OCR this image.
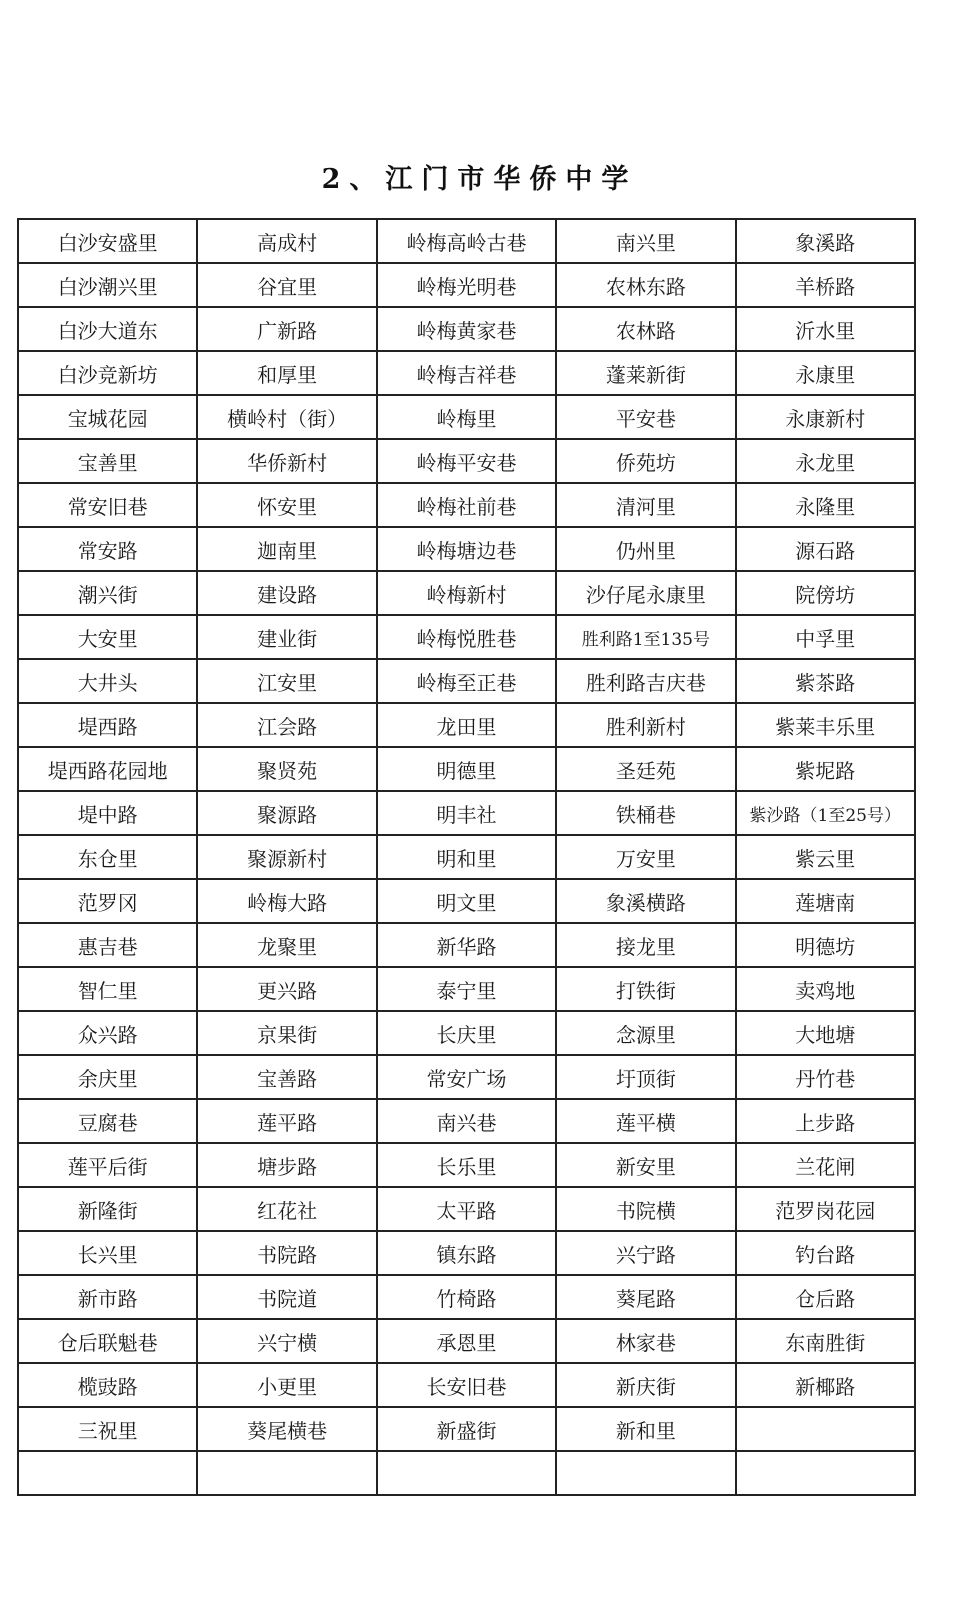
2、江门市华侨中学
白沙安盛里	高成村	岭梅高岭古巷	南兴里	象溪路
白沙潮兴里	谷宜里	岭梅光明巷	农林东路	羊桥路
白沙大道东	广新路	岭梅黄家巷	农林路	沂水里
白沙竞新坊	和厚里	岭梅吉祥巷	蓬莱新街	永康里
宝城花园	横岭村（街）	岭梅里	平安巷	永康新村
宝善里	华侨新村	岭梅平安巷	侨苑坊	永龙里
常安旧巷	怀安里	岭梅社前巷	清河里	永隆里
常安路	迦南里	岭梅塘边巷	仍州里	源石路
潮兴街	建设路	岭梅新村	沙仔尾永康里	院傍坊
大安里	建业街	岭梅悦胜巷	胜利路1至135号	中孚里
大井头	江安里	岭梅至正巷	胜利路吉庆巷	紫茶路
堤西路	江会路	龙田里	胜利新村	紫莱丰乐里
堤西路花园地	聚贤苑	明德里	圣廷苑	紫坭路
堤中路	聚源路	明丰社	铁桶巷	紫沙路（1至25号）
东仓里	聚源新村	明和里	万安里	紫云里
范罗冈	岭梅大路	明文里	象溪横路	莲塘南
惠吉巷	龙聚里	新华路	接龙里	明德坊
智仁里	更兴路	泰宁里	打铁街	卖鸡地
众兴路	京果街	长庆里	念源里	大地塘
余庆里	宝善路	常安广场	圩顶街	丹竹巷
豆腐巷	莲平路	南兴巷	莲平横	上步路
莲平后街	塘步路	长乐里	新安里	兰花闸
新隆街	红花社	太平路	书院横	范罗岗花园
长兴里	书院路	镇东路	兴宁路	钓台路
新市路	书院道	竹椅路	葵尾路	仓后路
仓后联魁巷	兴宁横	承恩里	林家巷	东南胜街
榄豉路	小更里	长安旧巷	新庆街	新椰路
三祝里	葵尾横巷	新盛街	新和里	
